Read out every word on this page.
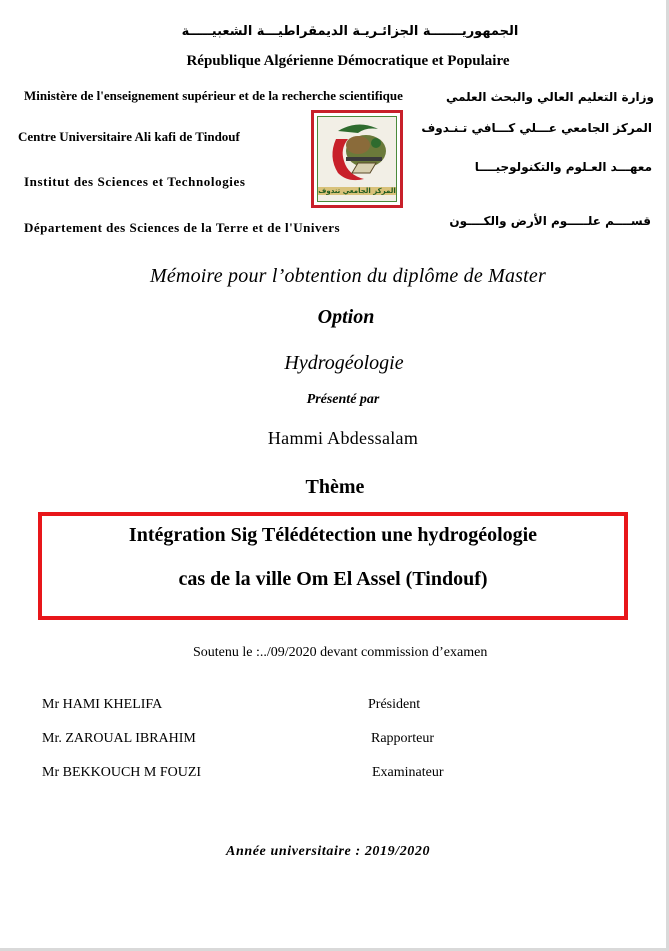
الجمهوريـــــــة الجزائـريـة الديمقراطيـــة الشعبيـــــة
République Algérienne Démocratique et Populaire
Ministère de l'enseignement supérieur et de la recherche scientifique
Centre Universitaire Ali kafi de Tindouf
Institut des Sciences et Technologies
Département des Sciences de la Terre et de l'Univers
وزارة التعليم العالي والبحث العلمي
المركز الجامعي عـــلي كـــافي تـنـدوف
معهـــد العـلوم والتكنولوجيــــا
قســــم علـــــوم الأرض والكــــون
المركز الجامعي تندوف
Mémoire pour l’obtention du diplôme de Master
Option
Hydrogéologie
Présenté par
Hammi Abdessalam
Thème
Intégration Sig Télédétection une hydrogéologie
cas de la ville Om El Assel (Tindouf)
Soutenu le :../09/2020 devant commission d’examen
Mr HAMI KHELIFA	Président
Mr. ZAROUAL IBRAHIM	Rapporteur
Mr BEKKOUCH M FOUZI	Examinateur
Année universitaire : 2019/2020
